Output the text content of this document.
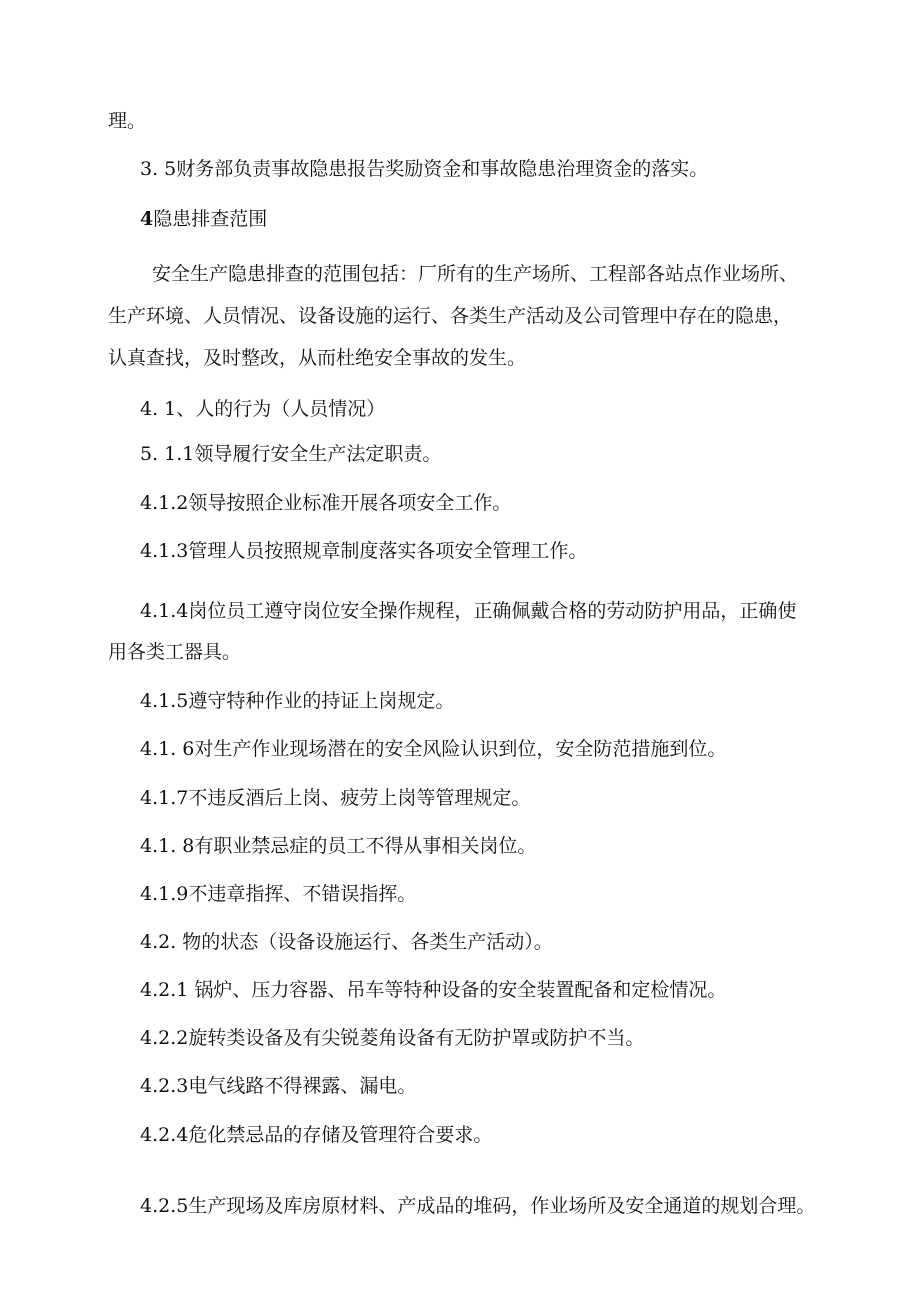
理。
3. 5财务部负责事故隐患报告奖励资金和事故隐患治理资金的落实。
4隐患排查范围
安全生产隐患排查的范围包括：厂所有的生产场所、工程部各站点作业场所、
生产环境、人员情况、设备设施的运行、各类生产活动及公司管理中存在的隐患，
认真查找，及时整改，从而杜绝安全事故的发生。
4. 1、人的行为（人员情况）
5. 1.1领导履行安全生产法定职责。
4.1.2领导按照企业标准开展各项安全工作。
4.1.3管理人员按照规章制度落实各项安全管理工作。
4.1.4岗位员工遵守岗位安全操作规程，正确佩戴合格的劳动防护用品，正确使
用各类工器具。
4.1.5遵守特种作业的持证上岗规定。
4.1. 6对生产作业现场潜在的安全风险认识到位，安全防范措施到位。
4.1.7不违反酒后上岗、疲劳上岗等管理规定。
4.1. 8有职业禁忌症的员工不得从事相关岗位。
4.1.9不违章指挥、不错误指挥。
4.2. 物的状态（设备设施运行、各类生产活动）。
4.2.1 锅炉、压力容器、吊车等特种设备的安全装置配备和定检情况。
4.2.2旋转类设备及有尖锐菱角设备有无防护罩或防护不当。
4.2.3电气线路不得裸露、漏电。
4.2.4危化禁忌品的存储及管理符合要求。
4.2.5生产现场及库房原材料、产成品的堆码，作业场所及安全通道的规划合理。
